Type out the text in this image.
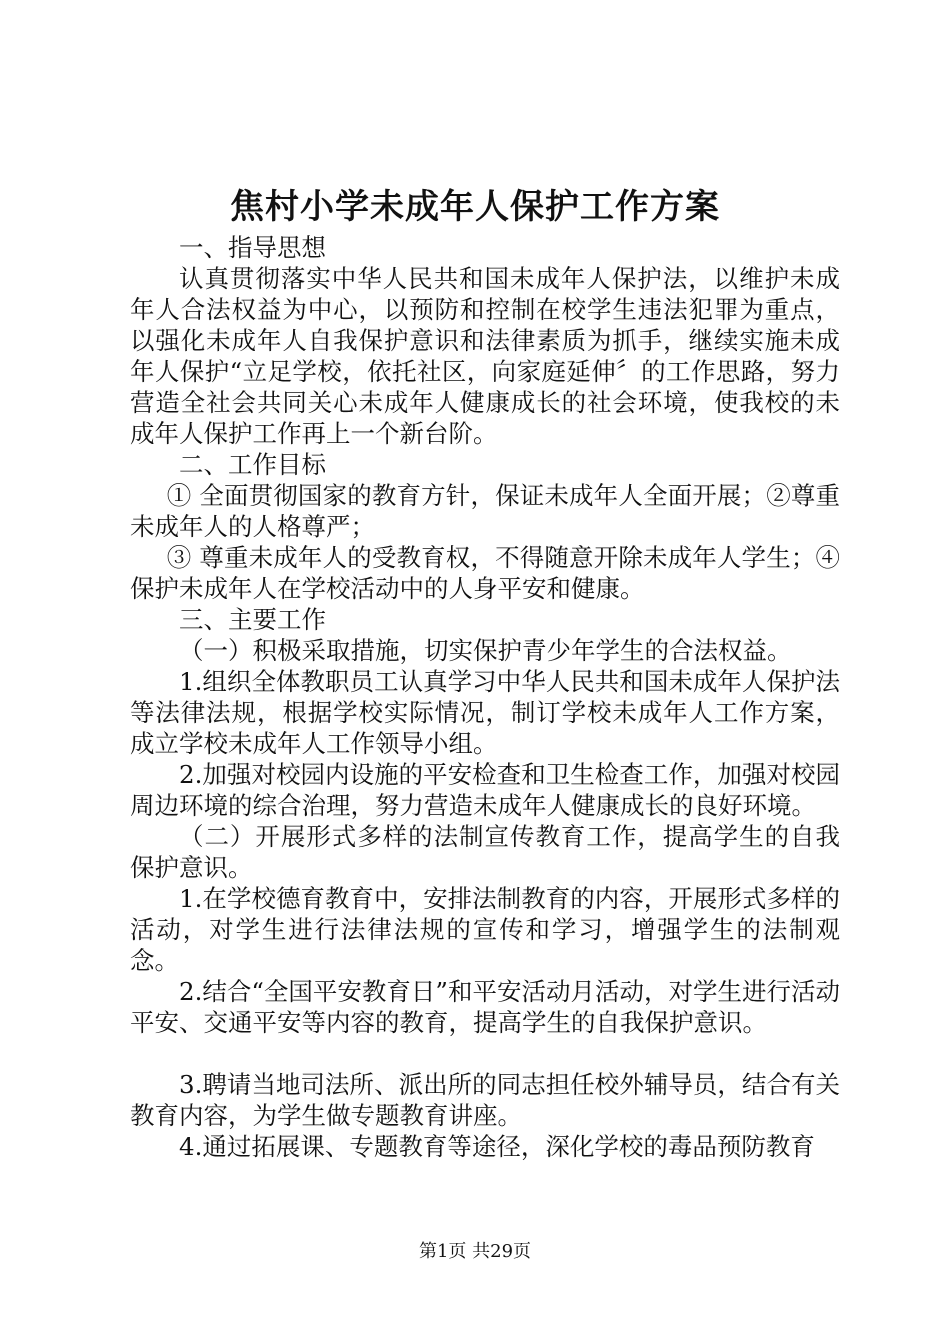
焦村小学未成年人保护工作方案

一、指导思想

认真贯彻落实中华人民共和国未成年人保护法，以维护未成年人合法权益为中心，以预防和控制在校学生违法犯罪为重点，以强化未成年人自我保护意识和法律素质为抓手，继续实施未成年人保护“立足学校，依托社区，向家庭延伸〞的工作思路，努力营造全社会共同关心未成年人健康成长的社会环境，使我校的未成年人保护工作再上一个新台阶。

二、工作目标

① 全面贯彻国家的教育方针，保证未成年人全面开展；②尊重未成年人的人格尊严；

③ 尊重未成年人的受教育权，不得随意开除未成年人学生；④保护未成年人在学校活动中的人身平安和健康。

三、主要工作

（一）积极采取措施，切实保护青少年学生的合法权益。

1.组织全体教职员工认真学习中华人民共和国未成年人保护法等法律法规，根据学校实际情况，制订学校未成年人工作方案，成立学校未成年人工作领导小组。

2.加强对校园内设施的平安检查和卫生检查工作，加强对校园周边环境的综合治理，努力营造未成年人健康成长的良好环境。

（二）开展形式多样的法制宣传教育工作，提高学生的自我保护意识。

1.在学校德育教育中，安排法制教育的内容，开展形式多样的活动，对学生进行法律法规的宣传和学习，增强学生的法制观念。

2.结合“全国平安教育日”和平安活动月活动，对学生进行活动平安、交通平安等内容的教育，提高学生的自我保护意识。

3.聘请当地司法所、派出所的同志担任校外辅导员，结合有关教育内容，为学生做专题教育讲座。

4.通过拓展课、专题教育等途径，深化学校的毒品预防教育

第1页 共29页
